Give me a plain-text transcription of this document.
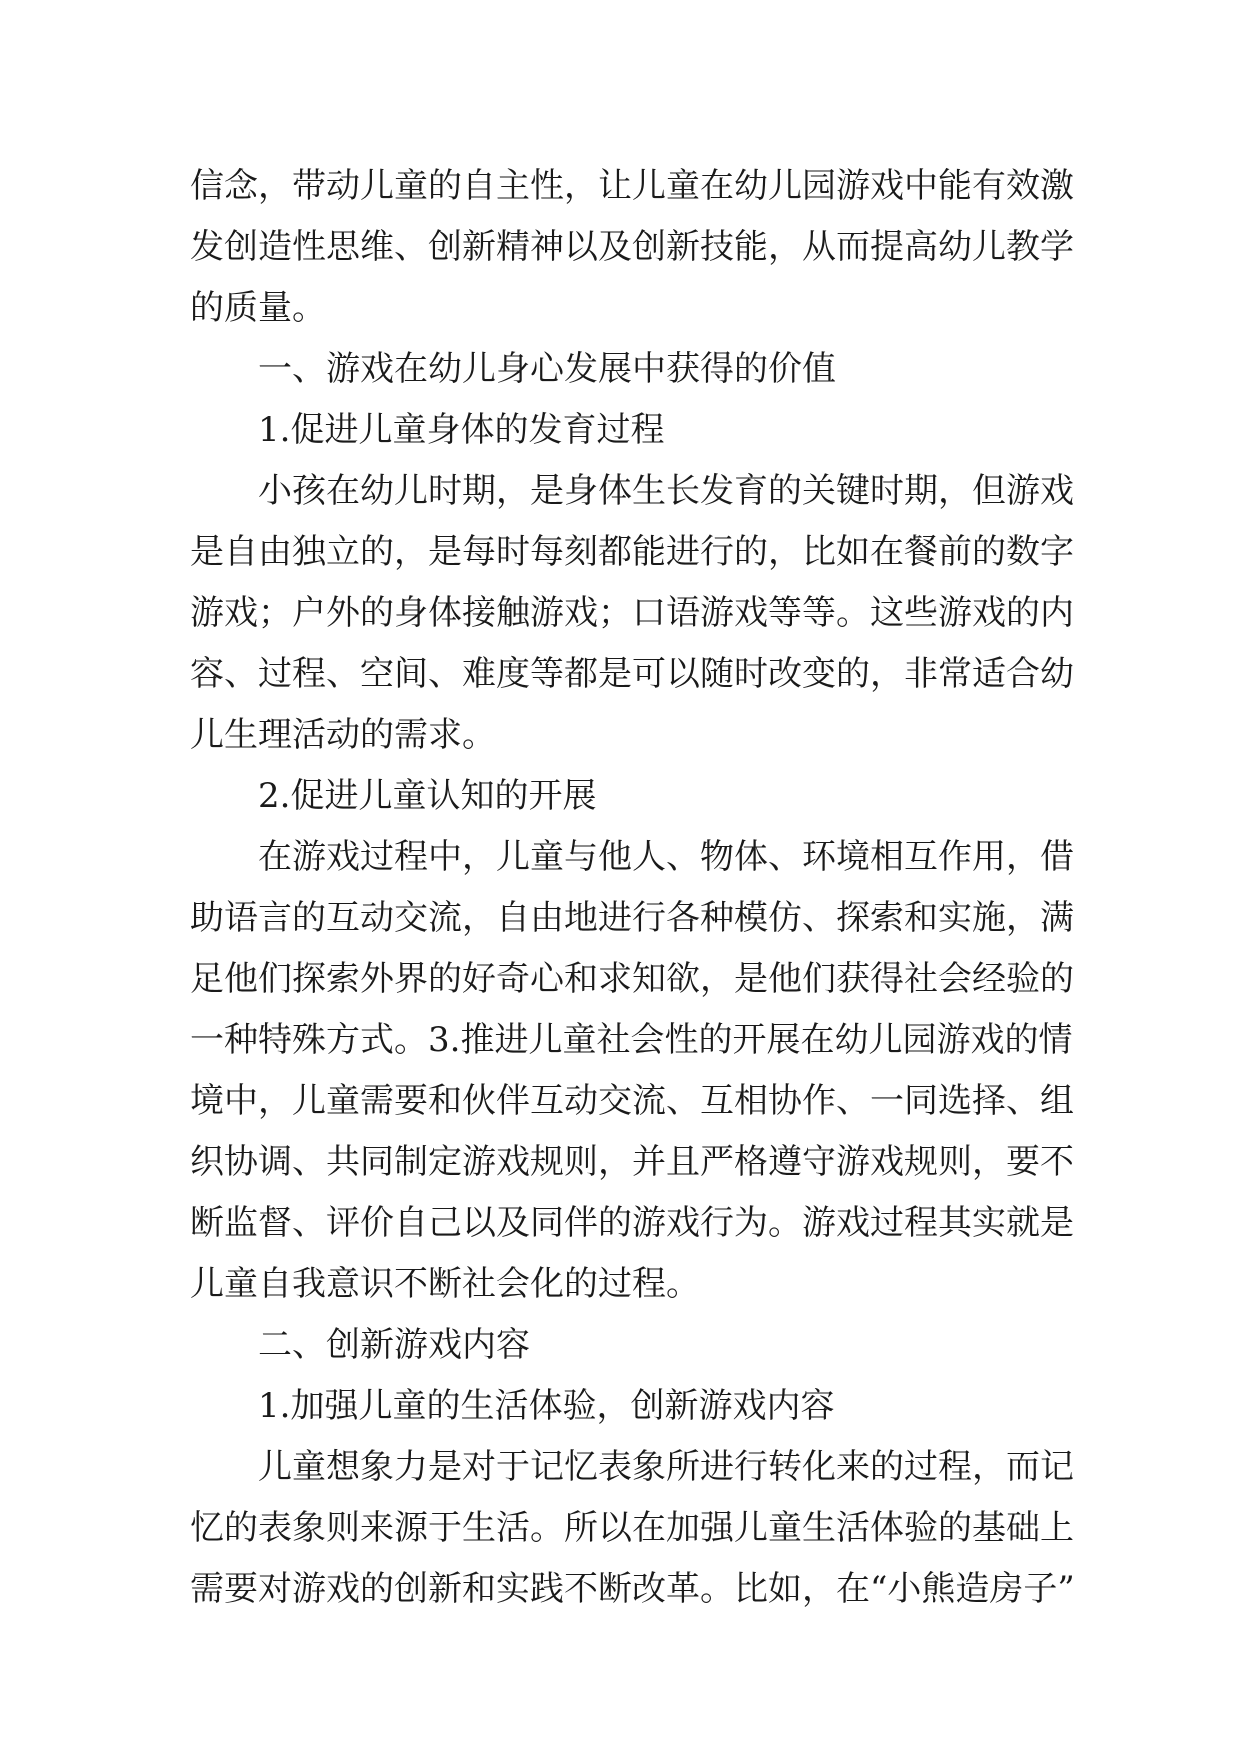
信念，带动儿童的自主性，让儿童在幼儿园游戏中能有效激
发创造性思维、创新精神以及创新技能，从而提高幼儿教学
的质量。
一、游戏在幼儿身心发展中获得的价值
1.促进儿童身体的发育过程
小孩在幼儿时期，是身体生长发育的关键时期，但游戏
是自由独立的，是每时每刻都能进行的，比如在餐前的数字
游戏；户外的身体接触游戏；口语游戏等等。这些游戏的内
容、过程、空间、难度等都是可以随时改变的，非常适合幼
儿生理活动的需求。
2.促进儿童认知的开展
在游戏过程中，儿童与他人、物体、环境相互作用，借
助语言的互动交流，自由地进行各种模仿、探索和实施，满
足他们探索外界的好奇心和求知欲，是他们获得社会经验的
一种特殊方式。3.推进儿童社会性的开展在幼儿园游戏的情
境中，儿童需要和伙伴互动交流、互相协作、一同选择、组
织协调、共同制定游戏规则，并且严格遵守游戏规则，要不
断监督、评价自己以及同伴的游戏行为。游戏过程其实就是
儿童自我意识不断社会化的过程。
二、创新游戏内容
1.加强儿童的生活体验，创新游戏内容
儿童想象力是对于记忆表象所进行转化来的过程，而记
忆的表象则来源于生活。所以在加强儿童生活体验的基础上
需要对游戏的创新和实践不断改革。比如，在“小熊造房子”
